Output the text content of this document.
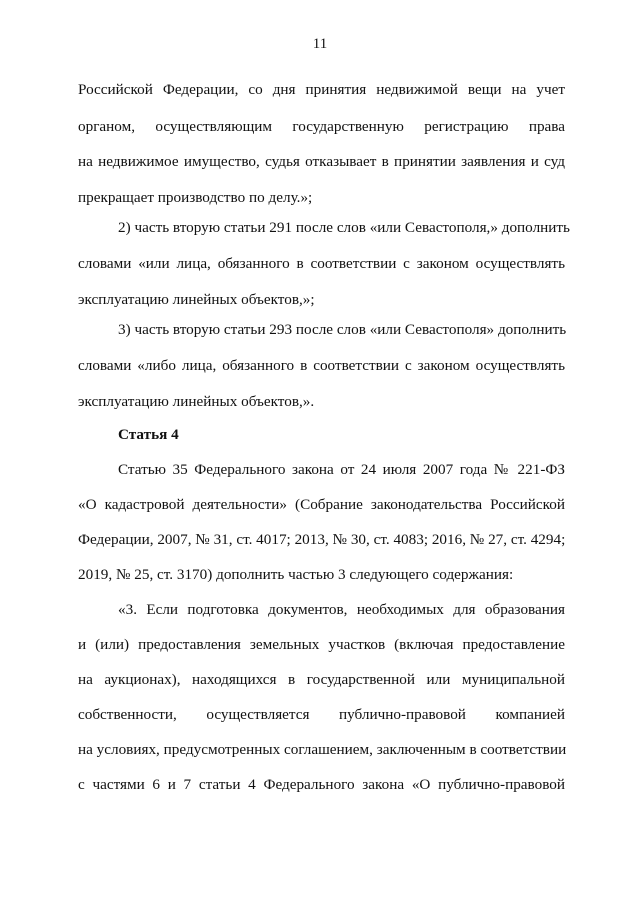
11
Российской Федерации, со дня принятия недвижимой вещи на учет
органом, осуществляющим государственную регистрацию права
на недвижимое имущество, судья отказывает в принятии заявления и суд
прекращает производство по делу.»;
2) часть вторую статьи 291 после слов «или Севастополя,» дополнить
словами «или лица, обязанного в соответствии с законом осуществлять
эксплуатацию линейных объектов,»;
3) часть вторую статьи 293 после слов «или Севастополя» дополнить
словами «либо лица, обязанного в соответствии с законом осуществлять
эксплуатацию линейных объектов,».
Статья 4
Статью 35 Федерального закона от 24 июля 2007 года № 221-ФЗ
«О кадастровой деятельности» (Собрание законодательства Российской
Федерации, 2007, № 31, ст. 4017; 2013, № 30, ст. 4083; 2016, № 27, ст. 4294;
2019, № 25, ст. 3170) дополнить частью 3 следующего содержания:
«3. Если подготовка документов, необходимых для образования
и (или) предоставления земельных участков (включая предоставление
на аукционах), находящихся в государственной или муниципальной
собственности, осуществляется публично-правовой компанией
на условиях, предусмотренных соглашением, заключенным в соответствии
с частями 6 и 7 статьи 4 Федерального закона «О публично-правовой
